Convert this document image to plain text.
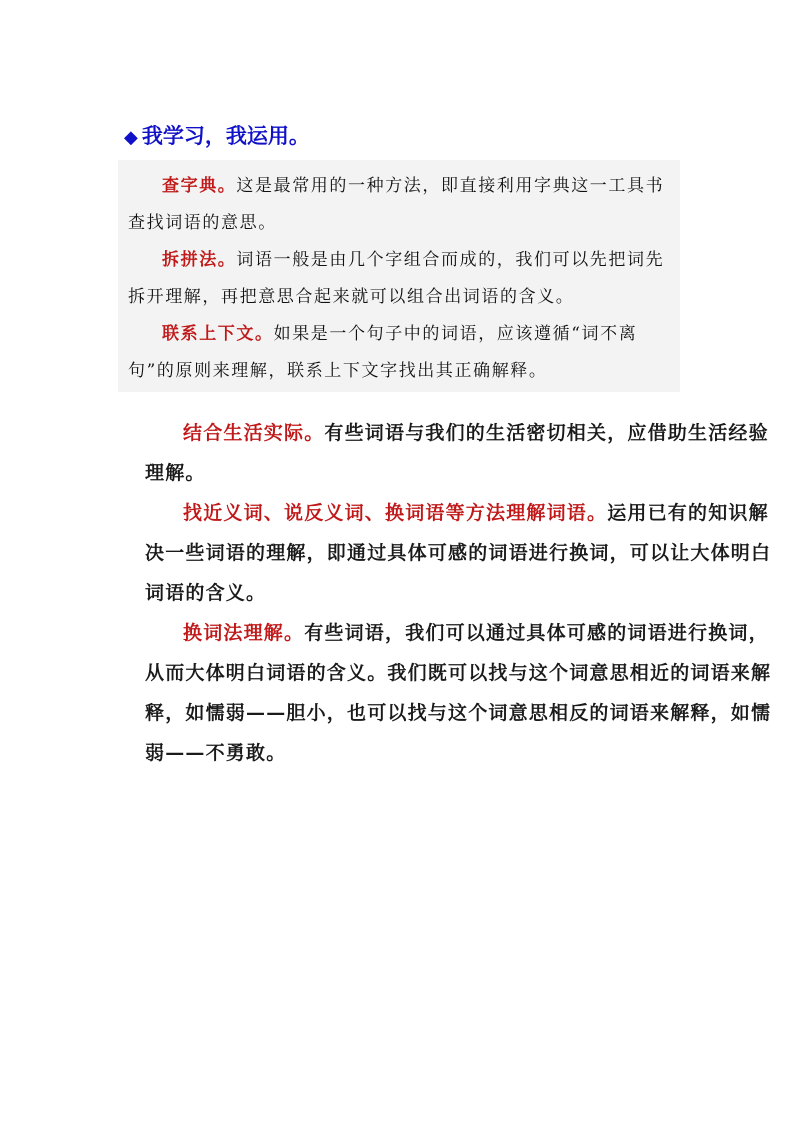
◆ 我学习，我运用。
查字典。这是最常用的一种方法，即直接利用字典这一工具书查找词语的意思。
拆拼法。词语一般是由几个字组合而成的，我们可以先把词先拆开理解，再把意思合起来就可以组合出词语的含义。
联系上下文。如果是一个句子中的词语，应该遵循“词不离句”的原则来理解，联系上下文字找出其正确解释。
结合生活实际。有些词语与我们的生活密切相关，应借助生活经验理解。
找近义词、说反义词、换词语等方法理解词语。运用已有的知识解决一些词语的理解，即通过具体可感的词语进行换词，可以让大体明白词语的含义。
换词法理解。有些词语，我们可以通过具体可感的词语进行换词，从而大体明白词语的含义。我们既可以找与这个词意思相近的词语来解释，如懦弱——胆小，也可以找与这个词意思相反的词语来解释，如懦弱——不勇敢。
